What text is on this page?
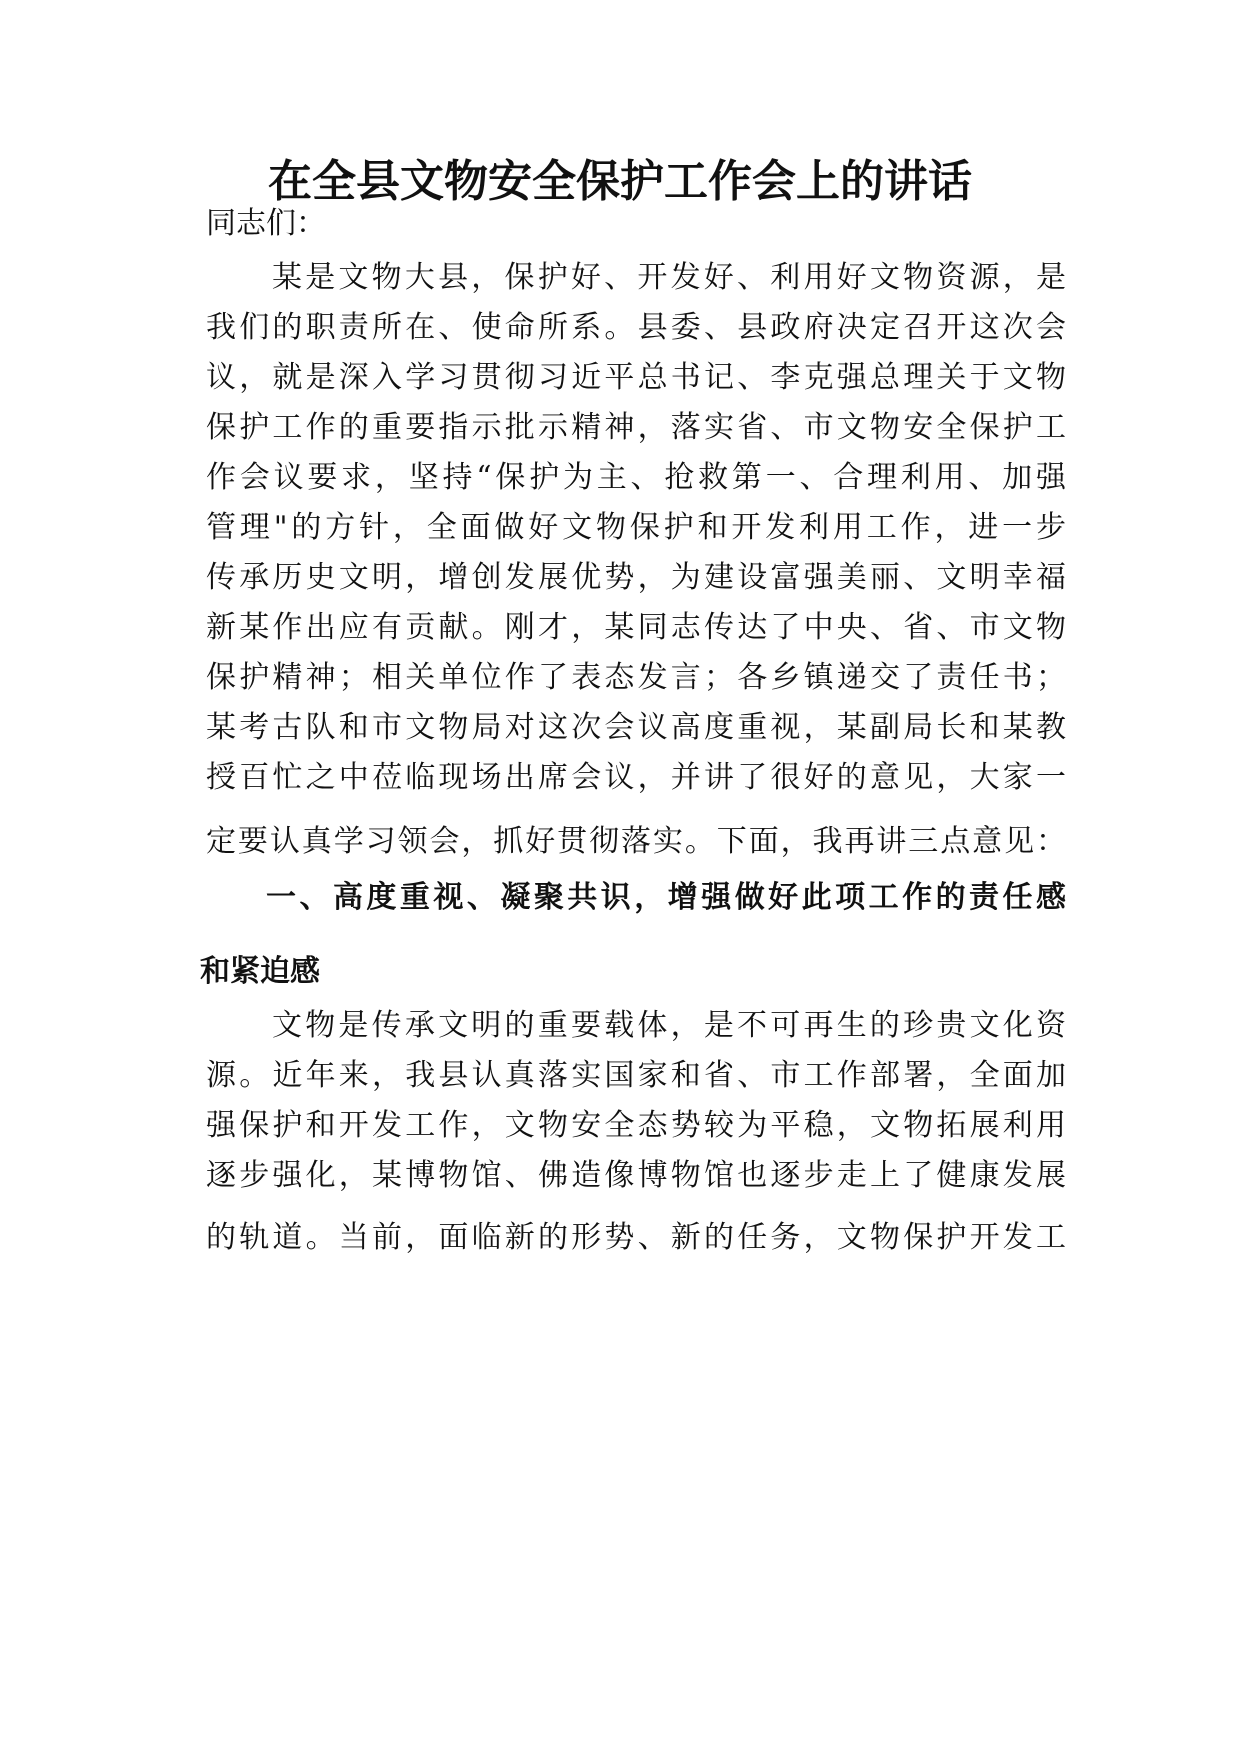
在全县文物安全保护工作会上的讲话
同志们：
某是文物大县，保护好、开发好、利用好文物资源，是
我们的职责所在、使命所系。县委、县政府决定召开这次会
议，就是深入学习贯彻习近平总书记、李克强总理关于文物
保护工作的重要指示批示精神，落实省、市文物安全保护工
作会议要求，坚持“保护为主、抢救第一、合理利用、加强
管理"的方针，全面做好文物保护和开发利用工作，进一步
传承历史文明，增创发展优势，为建设富强美丽、文明幸福
新某作出应有贡献。刚才，某同志传达了中央、省、市文物
保护精神；相关单位作了表态发言；各乡镇递交了责任书；
某考古队和市文物局对这次会议高度重视，某副局长和某教
授百忙之中莅临现场出席会议，并讲了很好的意见，大家一
定要认真学习领会，抓好贯彻落实。下面，我再讲三点意见：
一、高度重视、凝聚共识，增强做好此项工作的责任感
和紧迫感
文物是传承文明的重要载体，是不可再生的珍贵文化资
源。近年来，我县认真落实国家和省、市工作部署，全面加
强保护和开发工作，文物安全态势较为平稳，文物拓展利用
逐步强化，某博物馆、佛造像博物馆也逐步走上了健康发展
的轨道。当前，面临新的形势、新的任务，文物保护开发工
